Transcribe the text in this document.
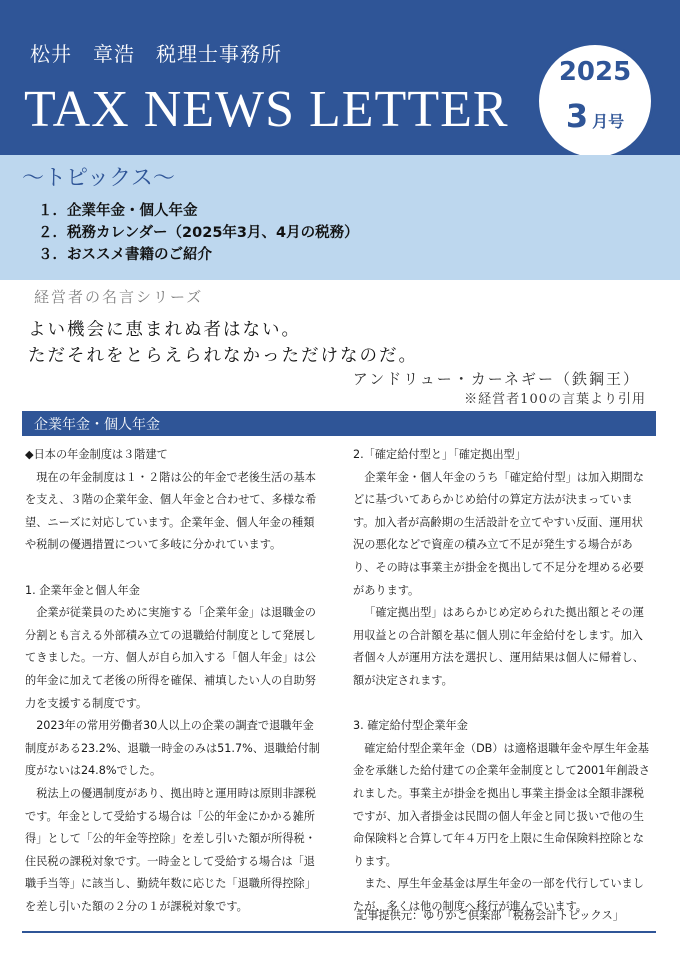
松井　章浩　税理士事務所
TAX NEWS LETTER
2025
3 月号
〜トピックス〜
１．企業年金・個人年金
２．税務カレンダー（2025年3月、4月の税務）
３．おススメ書籍のご紹介
経営者の名言シリーズ
よい機会に恵まれぬ者はない。
ただそれをとらえられなかっただけなのだ。
アンドリュー・カーネギー（鉄鋼王）
※経営者100の言葉より引用
企業年金・個人年金

◆日本の年金制度は３階建て

現在の年金制度は１・２階は公的年金で老後生活の基本を支え、３階の企業年金、個人年金と合わせて、多様な希望、ニーズに対応しています。企業年金、個人年金の種類や税制の優遇措置について多岐に分かれています。

1. 企業年金と個人年金

企業が従業員のために実施する「企業年金」は退職金の分割とも言える外部積み立ての退職給付制度として発展してきました。一方、個人が自ら加入する「個人年金」は公的年金に加えて老後の所得を確保、補填したい人の自助努力を支援する制度です。

2023年の常用労働者30人以上の企業の調査で退職年金制度がある23.2%、退職一時金のみは51.7%、退職給付制度がないは24.8%でした。

税法上の優遇制度があり、拠出時と運用時は原則非課税です。年金として受給する場合は「公的年金にかかる雑所得」として「公的年金等控除」を差し引いた額が所得税・住民税の課税対象です。一時金として受給する場合は「退職手当等」に該当し、勤続年数に応じた「退職所得控除」を差し引いた額の２分の１が課税対象です。

2.「確定給付型と」「確定拠出型」

企業年金・個人年金のうち「確定給付型」は加入期間などに基づいてあらかじめ給付の算定方法が決まっています。加入者が高齢期の生活設計を立てやすい反面、運用状況の悪化などで資産の積み立て不足が発生する場合があり、その時は事業主が掛金を拠出して不足分を埋める必要があります。

「確定拠出型」はあらかじめ定められた拠出額とその運用収益との合計額を基に個人別に年金給付をします。加入者個々人が運用方法を選択し、運用結果は個人に帰着し、額が決定されます。

3. 確定給付型企業年金

確定給付型企業年金（DB）は適格退職年金や厚生年金基金を承継した給付建ての企業年金制度として2001年創設されました。事業主が掛金を拠出し事業主掛金は全額非課税ですが、加入者掛金は民間の個人年金と同じ扱いで他の生命保険料と合算して年４万円を上限に生命保険料控除となります。

また、厚生年金基金は厚生年金の一部を代行していましたが、多くは他の制度へ移行が進んでいます。

記事提供元：ゆりかご倶楽部「税務会計トピックス」
